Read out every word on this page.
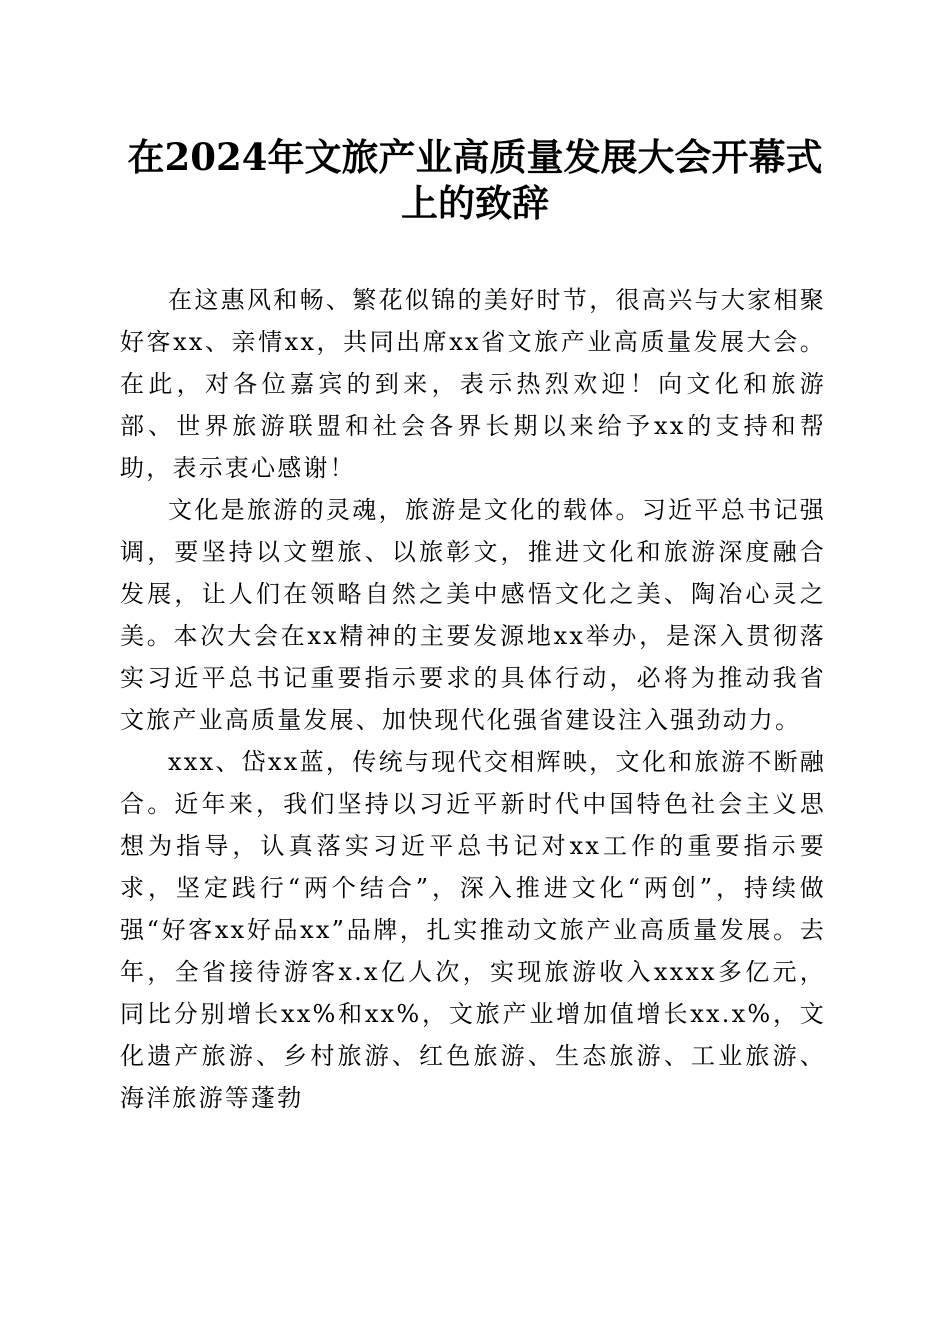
在2024年文旅产业高质量发展大会开幕式上的致辞

在这惠风和畅、繁花似锦的美好时节，很高兴与大家相聚好客xx、亲情xx，共同出席xx省文旅产业高质量发展大会。在此，对各位嘉宾的到来，表示热烈欢迎！向文化和旅游部、世界旅游联盟和社会各界长期以来给予xx的支持和帮助，表示衷心感谢！

文化是旅游的灵魂，旅游是文化的载体。习近平总书记强调，要坚持以文塑旅、以旅彰文，推进文化和旅游深度融合发展，让人们在领略自然之美中感悟文化之美、陶冶心灵之美。本次大会在xx精神的主要发源地xx举办，是深入贯彻落实习近平总书记重要指示要求的具体行动，必将为推动我省文旅产业高质量发展、加快现代化强省建设注入强劲动力。

xxx、岱xx蓝，传统与现代交相辉映，文化和旅游不断融合。近年来，我们坚持以习近平新时代中国特色社会主义思想为指导，认真落实习近平总书记对xx工作的重要指示要求，坚定践行“两个结合”，深入推进文化“两创”，持续做强“好客xx好品xx”品牌，扎实推动文旅产业高质量发展。去年，全省接待游客x.x亿人次，实现旅游收入xxxx多亿元，同比分别增长xx%和xx%，文旅产业增加值增长xx.x%，文化遗产旅游、乡村旅游、红色旅游、生态旅游、工业旅游、海洋旅游等蓬勃
